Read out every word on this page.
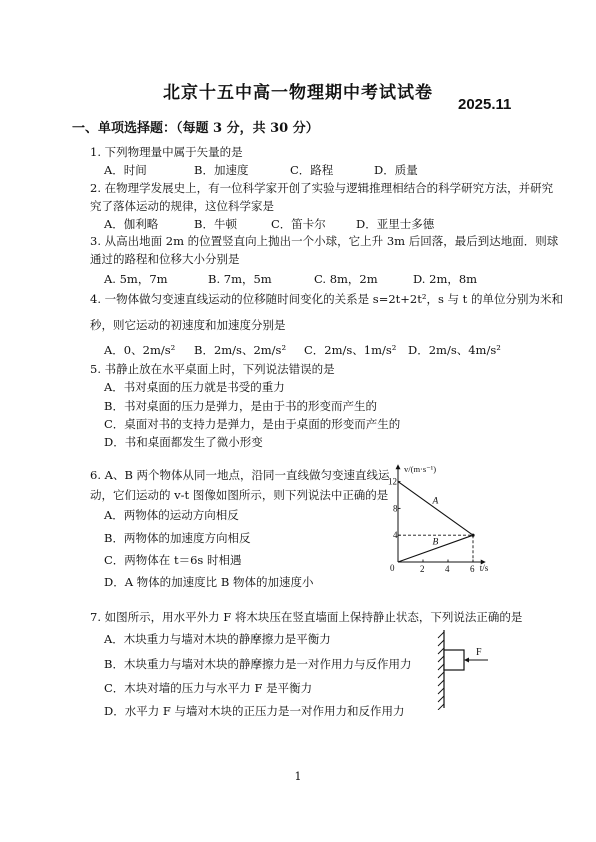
北京十五中高一物理期中考试试卷
2025.11
一、单项选择题：（每题 3 分，共 30 分）
1. 下列物理量中属于矢量的是
A．时间	B．加速度	C．路程	D．质量
2. 在物理学发展史上，有一位科学家开创了实验与逻辑推理相结合的科学研究方法，并研究
究了落体运动的规律，这位科学家是
A．伽利略	B．牛顿	C．笛卡尔	D．亚里士多德
3. 从高出地面 2m 的位置竖直向上抛出一个小球，它上升 3m 后回落，最后到达地面．则球
通过的路程和位移大小分别是
A. 5m，7m	B. 7m，5m	C. 8m，2m	D. 2m，8m
4. 一物体做匀变速直线运动的位移随时间变化的关系是 s=2t+2t²，s 与 t 的单位分别为米和
秒，则它运动的初速度和加速度分别是
A．0、2m/s² B．2m/s、2m/s² C．2m/s、1m/s² D．2m/s、4m/s²
5. 书静止放在水平桌面上时，下列说法错误的是
A．书对桌面的压力就是书受的重力
B．书对桌面的压力是弹力，是由于书的形变而产生的
C．桌面对书的支持力是弹力，是由于桌面的形变而产生的
D．书和桌面都发生了微小形变
6. A、B 两个物体从同一地点，沿同一直线做匀变速直线运
动，它们运动的 v-t 图像如图所示，则下列说法中正确的是
A．两物体的运动方向相反
B．两物体的加速度方向相反
C．两物体在 t＝6s 时相遇
D．A 物体的加速度比 B 物体的加速度小
v/(m·s⁻¹)
t/s
0	2 4 6
4
8
12
A
B
7. 如图所示，用水平外力 F 将木块压在竖直墙面上保持静止状态，下列说法正确的是
A．木块重力与墙对木块的静摩擦力是平衡力
B．木块重力与墙对木块的静摩擦力是一对作用力与反作用力
C．木块对墙的压力与水平力 F 是平衡力
D．水平力 F 与墙对木块的正压力是一对作用力和反作用力
F
1
